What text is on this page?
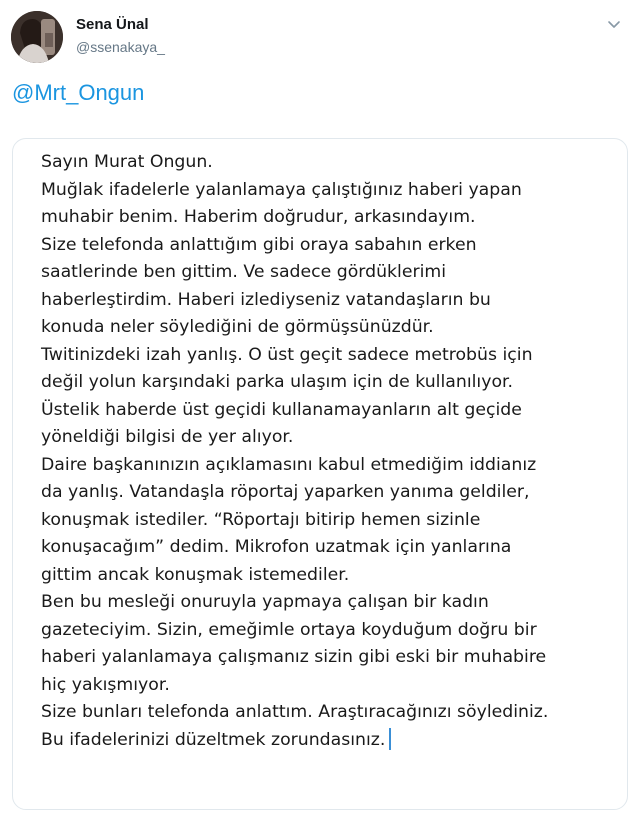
Sena Ünal
@ssenakaya_
@Mrt_Ongun
Sayın Murat Ongun.
Muğlak ifadelerle yalanlamaya çalıştığınız haberi yapan
muhabir benim. Haberim doğrudur, arkasındayım.
Size telefonda anlattığım gibi oraya sabahın erken
saatlerinde ben gittim. Ve sadece gördüklerimi
haberleştirdim. Haberi izlediyseniz vatandaşların bu
konuda neler söylediğini de görmüşsünüzdür.
Twitinizdeki izah yanlış. O üst geçit sadece metrobüs için
değil yolun karşındaki parka ulaşım için de kullanılıyor.
Üstelik haberde üst geçidi kullanamayanların alt geçide
yöneldiği bilgisi de yer alıyor.
Daire başkanınızın açıklamasını kabul etmediğim iddianız
da yanlış. Vatandaşla röportaj yaparken yanıma geldiler,
konuşmak istediler. “Röportajı bitirip hemen sizinle
konuşacağım” dedim. Mikrofon uzatmak için yanlarına
gittim ancak konuşmak istemediler.
Ben bu mesleği onuruyla yapmaya çalışan bir kadın
gazeteciyim. Sizin, emeğimle ortaya koyduğum doğru bir
haberi yalanlamaya çalışmanız sizin gibi eski bir muhabire
hiç yakışmıyor.
Size bunları telefonda anlattım. Araştıracağınızı söylediniz.
Bu ifadelerinizi düzeltmek zorundasınız.
